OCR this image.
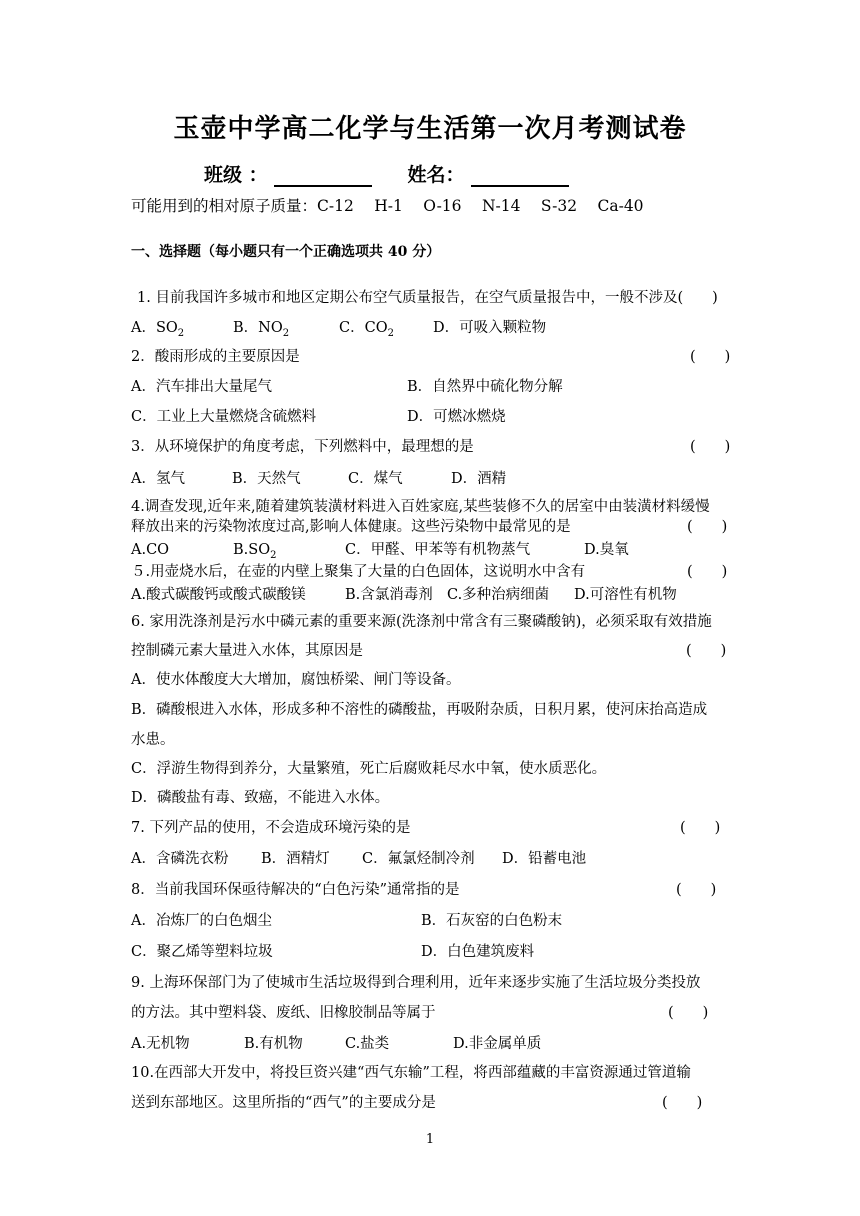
玉壶中学高二化学与生活第一次月考测试卷
班级 ：	姓名：
可能用到的相对原子质量：C-12　 H-1　 O-16　 N-14　 S-32　 Ca-40
一、选择题（每小题只有一个正确选项共 40 分）
1. 目前我国许多城市和地区定期公布空气质量报告，在空气质量报告中，一般不涉及(　　)
A．$SO_2$	B．$NO_2$	C．$CO_2$	D．可吸入颗粒物
2．酸雨形成的主要原因是	(　　)
A．汽车排出大量尾气	B．自然界中硫化物分解
C．工业上大量燃烧含硫燃料	D．可燃冰燃烧
3．从环境保护的角度考虑，下列燃料中，最理想的是	(　　)
A．氢气	B．天然气	C．煤气	D．酒精
4.调查发现,近年来,随着建筑装潢材料进入百姓家庭,某些装修不久的居室中由装潢材料缓慢
释放出来的污染物浓度过高,影响人体健康。这些污染物中最常见的是	(　　)
A.CO	$B.SO_2$	C．甲醛、甲苯等有机物蒸气	D.臭氧
５.用壶烧水后，在壶的内壁上聚集了大量的白色固体，这说明水中含有	(　　)
A.酸式碳酸钙或酸式碳酸镁	B.含氯消毒剂 C.多种治病细菌 D.可溶性有机物
6. 家用洗涤剂是污水中磷元素的重要来源(洗涤剂中常含有三聚磷酸钠)，必须采取有效措施
控制磷元素大量进入水体，其原因是	(　　)
A．使水体酸度大大增加，腐蚀桥梁、闸门等设备。
B．磷酸根进入水体，形成多种不溶性的磷酸盐，再吸附杂质，日积月累，使河床抬高造成
水患。
C．浮游生物得到养分，大量繁殖，死亡后腐败耗尽水中氧，使水质恶化。
D．磷酸盐有毒、致癌，不能进入水体。
7. 下列产品的使用，不会造成环境污染的是	(　　)
A．含磷洗衣粉 B．酒精灯 C．氟氯烃制冷剂 D．铅蓄电池
8．当前我国环保亟待解决的“白色污染”通常指的是	(　　)
A．冶炼厂的白色烟尘	B．石灰窑的白色粉末
C．聚乙烯等塑料垃圾	D．白色建筑废料
9. 上海环保部门为了使城市生活垃圾得到合理利用，近年来逐步实施了生活垃圾分类投放
的方法。其中塑料袋、废纸、旧橡胶制品等属于	(　　)
A.无机物	B.有机物	C.盐类	D.非金属单质
10.在西部大开发中，将投巨资兴建“西气东输”工程，将西部蕴藏的丰富资源通过管道输
送到东部地区。这里所指的“西气”的主要成分是	(　　)
1
